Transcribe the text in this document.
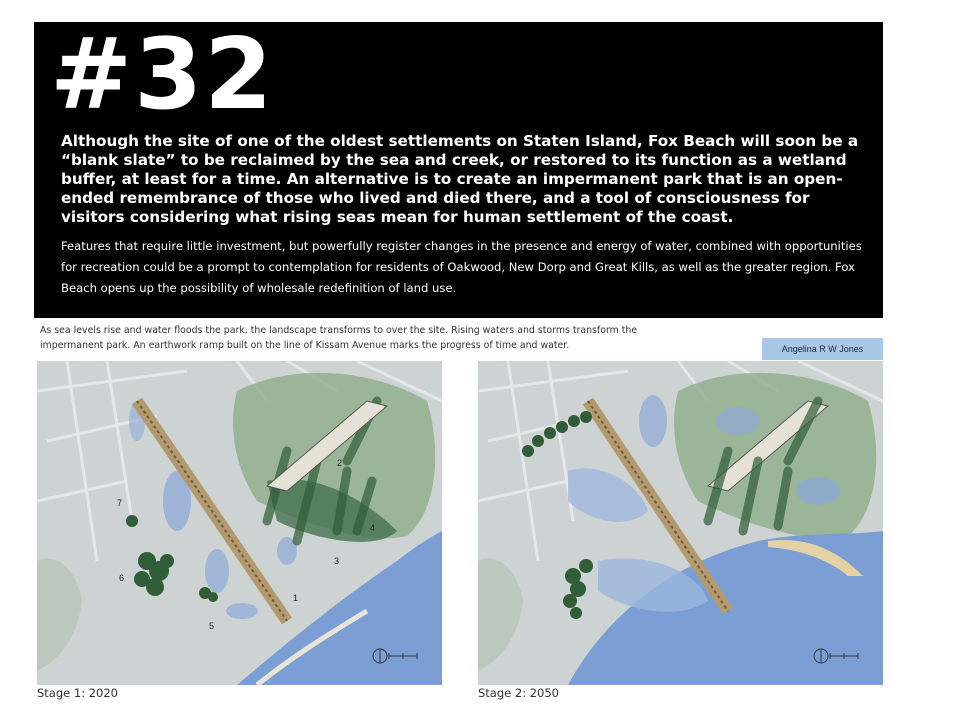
#32

Although the site of one of the oldest settlements on Staten Island, Fox Beach will soon be a “blank slate” to be reclaimed by the sea and creek, or restored to its function as a wetland buffer, at least for a time. An alternative is to create an impermanent park that is an open-ended remembrance of those who lived and died there, and a tool of consciousness for visitors considering what rising seas mean for human settlement of the coast.

Features that require little investment, but powerfully register changes in the presence and energy of water, combined with opportunities for recreation could be a prompt to contemplation for residents of Oakwood, New Dorp and Great Kills, as well as the greater region. Fox Beach opens up the possibility of wholesale redefinition of land use.

As sea levels rise and water floods the park, the landscape transforms to over the site. Rising waters and storms transform the impermanent park. An earthwork ramp built on the line of Kissam Avenue marks the progress of time and water.	Angelina R W Jones
1
2
3
4
5
6
7

Stage 1: 2020	Stage 2: 2050
